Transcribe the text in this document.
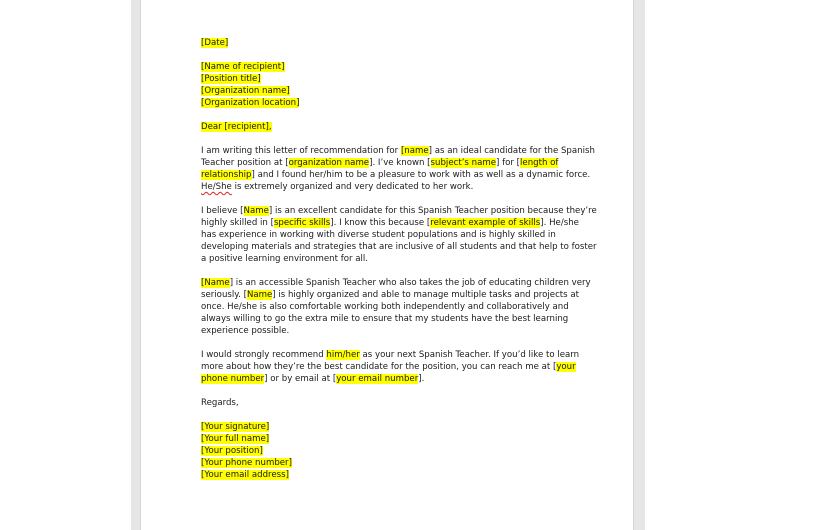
[Date]
[Name of recipient]
[Position title]
[Organization name]
[Organization location]
Dear [recipient],
I am writing this letter of recommendation for [name] as an ideal candidate for the Spanish
Teacher position at [organization name]. I’ve known [subject’s name] for [length of
relationship] and I found her/him to be a pleasure to work with as well as a dynamic force.
He/She is extremely organized and very dedicated to her work.
I believe [Name] is an excellent candidate for this Spanish Teacher position because they’re
highly skilled in [specific skills]. I know this because [relevant example of skills]. He/she
has experience in working with diverse student populations and is highly skilled in
developing materials and strategies that are inclusive of all students and that help to foster
a positive learning environment for all.
[Name] is an accessible Spanish Teacher who also takes the job of educating children very
seriously. [Name] is highly organized and able to manage multiple tasks and projects at
once. He/she is also comfortable working both independently and collaboratively and
always willing to go the extra mile to ensure that my students have the best learning
experience possible.
I would strongly recommend him/her as your next Spanish Teacher. If you’d like to learn
more about how they’re the best candidate for the position, you can reach me at [your
phone number] or by email at [your email number].
Regards,
[Your signature]
[Your full name]
[Your position]
[Your phone number]
[Your email address]
